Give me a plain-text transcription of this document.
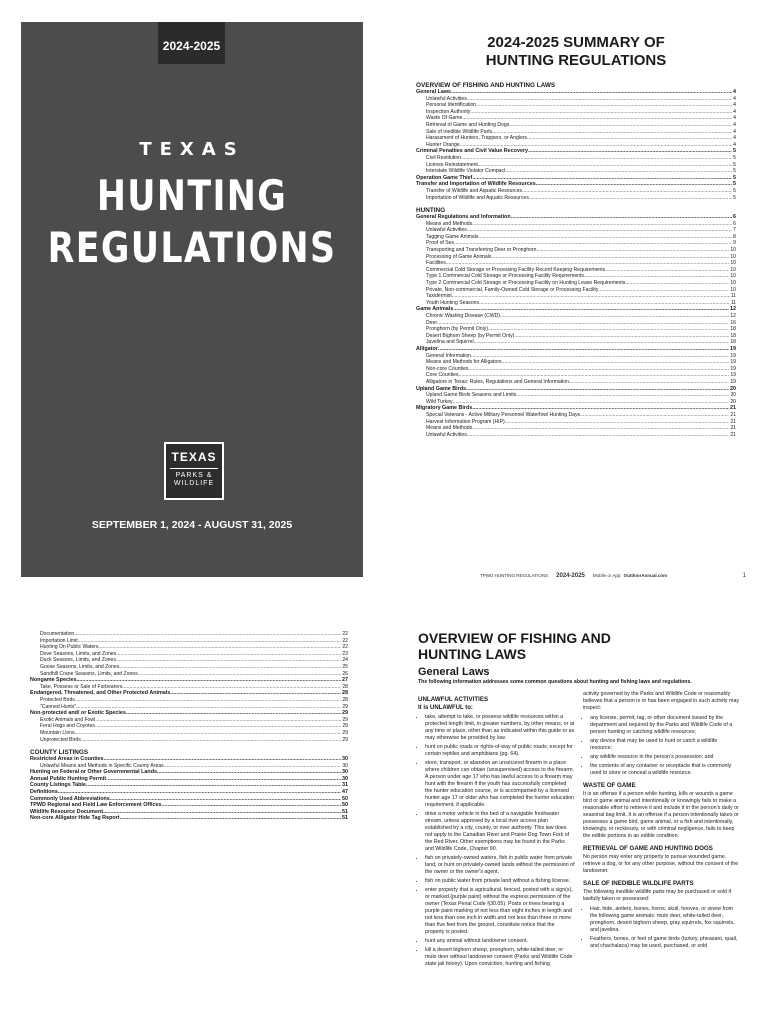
2024-2025
TEXAS
HUNTING
REGULATIONS
TEXAS
PARKS &
WILDLIFE
SEPTEMBER 1, 2024 - AUGUST 31, 2025
2024-2025 SUMMARY OF
HUNTING REGULATIONS
OVERVIEW OF FISHING AND HUNTING LAWS
General Laws .....	4
Unlawful Activities .....	4
Personal Identification .....	4
Inspection Authority .....	4
Waste Of Game .....	4
Retrieval of Game and Hunting Dogs .....	4
Sale of Inedible Wildlife Parts .....	4
Harassment of Hunters, Trappers, or Anglers .....	4
Hunter Orange .....	4
Criminal Penalties and Civil Value Recovery .....	5
Civil Restitution .....	5
License Reinstatement .....	5
Interstate Wildlife Violator Compact .....	5
Operation Game Thief .....	5
Transfer and Importation of Wildlife Resources .....	5
Transfer of Wildlife and Aquatic Resources .....	5
Importation of Wildlife and Aquatic Resources .....	5
HUNTING
General Regulations and Information .....	6
Means and Methods .....	6
Unlawful Activities .....	7
Tagging Game Animals .....	8
Proof of Sex .....	9
Transporting and Transferring Deer or Pronghorn .....	10
Processing of Game Animals .....	10
Facilities .....	10
Commercial Cold Storage or Processing Facility Record Keeping Requirements .....	10
Type 1 Commercial Cold Storage or Processing Facility Requirements .....	10
Type 2 Commercial Cold Storage or Processing Facility on Hunting Lease Requirements .....	10
Private, Non-commercial, Family-Owned Cold Storage or Processing Facility .....	10
Taxidermist .....	11
Youth Hunting Seasons .....	11
Game Animals .....	12
Chronic Wasting Disease (CWD) .....	12
Deer .....	16
Pronghorn (by Permit Only) .....	18
Desert Bighorn Sheep (by Permit Only) .....	18
Javelina and Squirrel .....	18
Alligator .....	19
General Information .....	19
Means and Methods for Alligators .....	19
Non-core Counties .....	19
Core Counties .....	19
Alligators in Texas: Rules, Regulations and General Information .....	19
Upland Game Birds .....	20
Upland Game Birds Seasons and Limits .....	20
Wild Turkey .....	20
Migratory Game Birds .....	21
Special Veterans - Active Military Personnel Waterfowl Hunting Days .....	21
Harvest Information Program (HIP) .....	21
Means and Methods .....	21
Unlawful Activities .....	21
TPWD HUNTING REGULATIONS 2024-2025 Mobile or App: OutdoorAnnual.com	1
Documentation .....	22
Importation Limit .....	22
Hunting On Public Waters .....	22
Dove Seasons, Limits, and Zones .....	23
Duck Seasons, Limits, and Zones .....	24
Goose Seasons, Limits, and Zones .....	25
Sandhill Crane Seasons, Limits, and Zones .....	26
Nongame Species .....	27
Take, Possess or Sale of Furbearers .....	28
Endangered, Threatened, and Other Protected Animals .....	28
Protected Birds .....	28
"Canned Hunts" .....	29
Non-protected and/ or Exotic Species .....	29
Exotic Animals and Fowl .....	29
Feral Hogs and Coyotes .....	29
Mountain Lions .....	29
Unprotected Birds .....	29
COUNTY LISTINGS
Restricted Areas in Counties .....	30
Unlawful Means and Methods in Specific County Areas .....	30
Hunting on Federal or Other Governmental Lands .....	30
Annual Public Hunting Permit .....	30
County Listings Table .....	31
Definitions .....	47
Commonly Used Abbreviations .....	50
TPWD Regional and Field Law Enforcement Offices .....	50
Wildlife Resource Document .....	51
Non-core Alligator Hide Tag Report .....	51
OVERVIEW OF FISHING AND
HUNTING LAWS
General Laws

The following information addresses some common questions about hunting and fishing laws and regulations.

UNLAWFUL ACTIVITIES
It is UNLAWFUL to:
• take, attempt to take, or possess wildlife resources within a protected length limit, in greater numbers, by other means, or at any time or place, other than as indicated within this guide or as may otherwise be provided by law.
• hunt on public roads or rights-of-way of public roads; except for certain reptiles and amphibians (pg. 64).
• store, transport, or abandon an unsecured firearm in a place where children can obtain (unsupervised) access to the firearm. A person under age 17 who has lawful access to a firearm may hunt with the firearm if the youth has successfully completed the hunter education course, or is accompanied by a licensed hunter age 17 or older who has completed the hunter education requirement, if applicable.
• drive a motor vehicle in the bed of a navigable freshwater stream, unless approved by a local river access plan established by a city, county, or river authority. This law does not apply to the Canadian River and Prairie Dog Town Fork of the Red River. Other exemptions may be found in the Parks and Wildlife Code, Chapter 90.
• fish on privately-owned waters, fish in public water from private land, or hunt on privately-owned lands without the permission of the owner or the owner's agent.
• fish on public water from private land without a fishing license.
• enter property that is agricultural, fenced, posted with a sign(s), or marked (purple paint) without the express permission of the owner (Texas Penal Code §30.05). Posts or trees bearing a purple paint marking of not less than eight inches in length and not less than one inch in width and not less than three or more than five feet from the ground, constitute notice that the property is posted.
• hunt any animal without landowner consent.
• kill a desert bighorn sheep, pronghorn, white-tailed deer, or mule deer without landowner consent (Parks and Wildlife Code state jail felony). Upon conviction, hunting and fishing

activity governed by the Parks and Wildlife Code or reasonably believes that a person is or has been engaged in such activity may inspect:

• any license, permit, tag, or other document issued by the department and required by the Parks and Wildlife Code of a person hunting or catching wildlife resources;
• any device that may be used to hunt or catch a wildlife resource;
• any wildlife resource in the person's possession; and
• the contents of any container or receptacle that is commonly used to store or conceal a wildlife resource.
WASTE OF GAME

It is an offense if a person while hunting, kills or wounds a game bird or game animal and intentionally or knowingly fails to make a reasonable effort to retrieve it and include it in the person's daily or seasonal bag limit. It is an offense if a person intentionally takes or possesses a game bird, game animal, or a fish and intentionally, knowingly, or recklessly, or with criminal negligence, fails to keep the edible portions in an edible condition.

RETRIEVAL OF GAME AND HUNTING DOGS

No person may enter any property to pursue wounded game, retrieve a dog, or for any other purpose, without the consent of the landowner.

SALE OF INEDIBLE WILDLIFE PARTS

The following inedible wildlife parts may be purchased or sold if lawfully taken or possessed:

• Hair, hide, antlers, bones, horns, skull, hooves, or sinew from the following game animals: mule deer, white-tailed deer, pronghorn, desert bighorn sheep, gray squirrels, fox squirrels, and javelina.
• Feathers, bones, or feet of game birds (turkey, pheasant, quail, and chachalaca) may be used, purchased, or sold
